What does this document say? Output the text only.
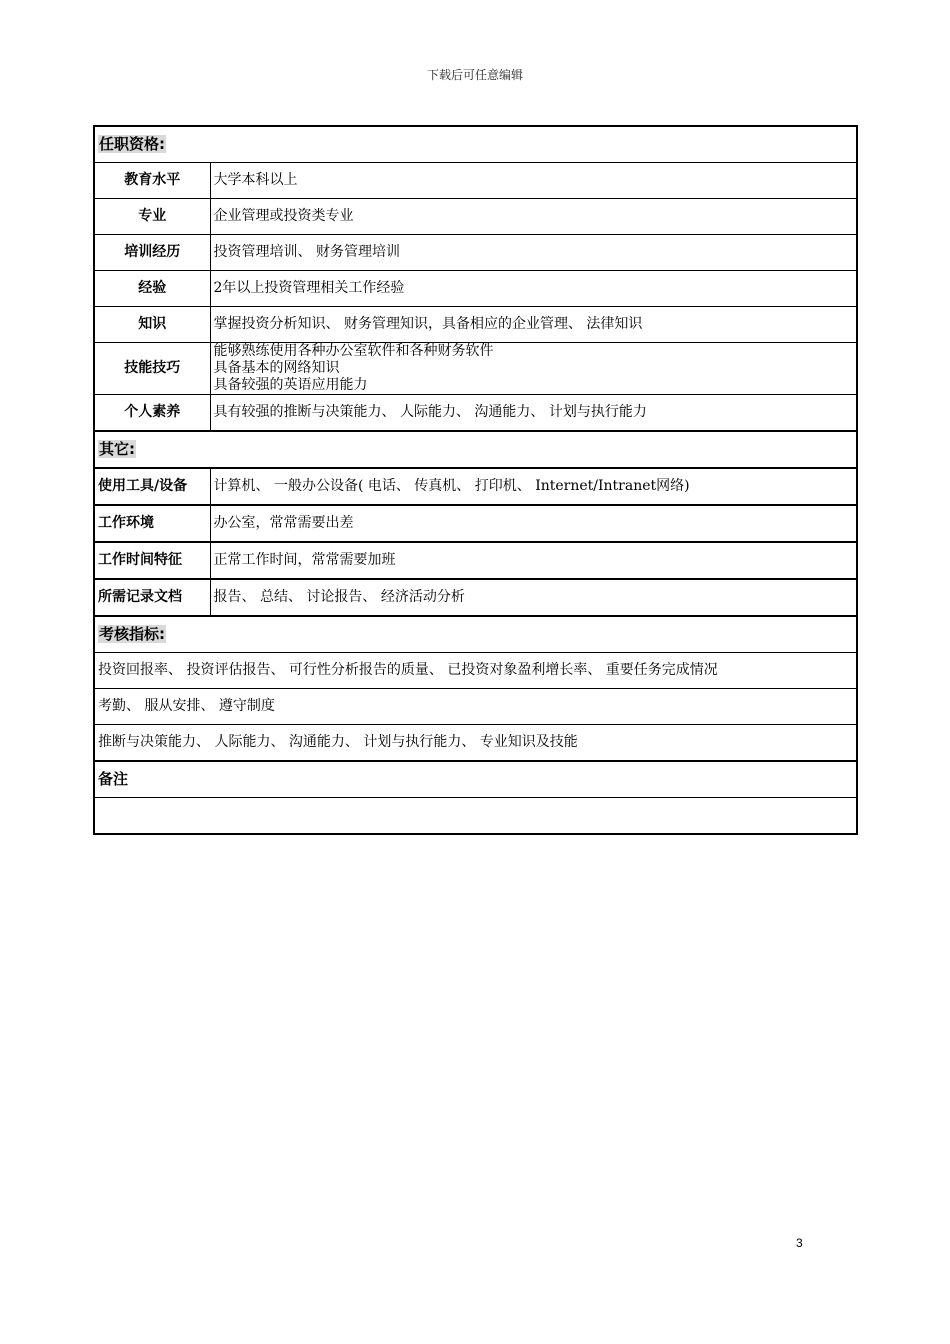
下载后可任意编辑
任职资格:	
教育水平	大学本科以上
专业	企业管理或投资类专业
培训经历	投资管理培训、 财务管理培训
经验	2年以上投资管理相关工作经验
知识	掌握投资分析知识、 财务管理知识，具备相应的企业管理、 法律知识
技能技巧	能够熟练使用各种办公室软件和各种财务软件
具备基本的网络知识
具备较强的英语应用能力

个人素养	具有较强的推断与决策能力、 人际能力、 沟通能力、 计划与执行能力
其它:	
使用工具/设备	计算机、 一般办公设备( 电话、 传真机、 打印机、 Internet/Intranet网络)
工作环境	办公室，常常需要出差
工作时间特征	正常工作时间，常常需要加班
所需记录文档	报告、 总结、 讨论报告、 经济活动分析
考核指标:	
投资回报率、 投资评估报告、 可行性分析报告的质量、 已投资对象盈利增长率、 重要任务完成情况	
考勤、 服从安排、 遵守制度	
推断与决策能力、 人际能力、 沟通能力、 计划与执行能力、 专业知识及技能	
备注	

3
